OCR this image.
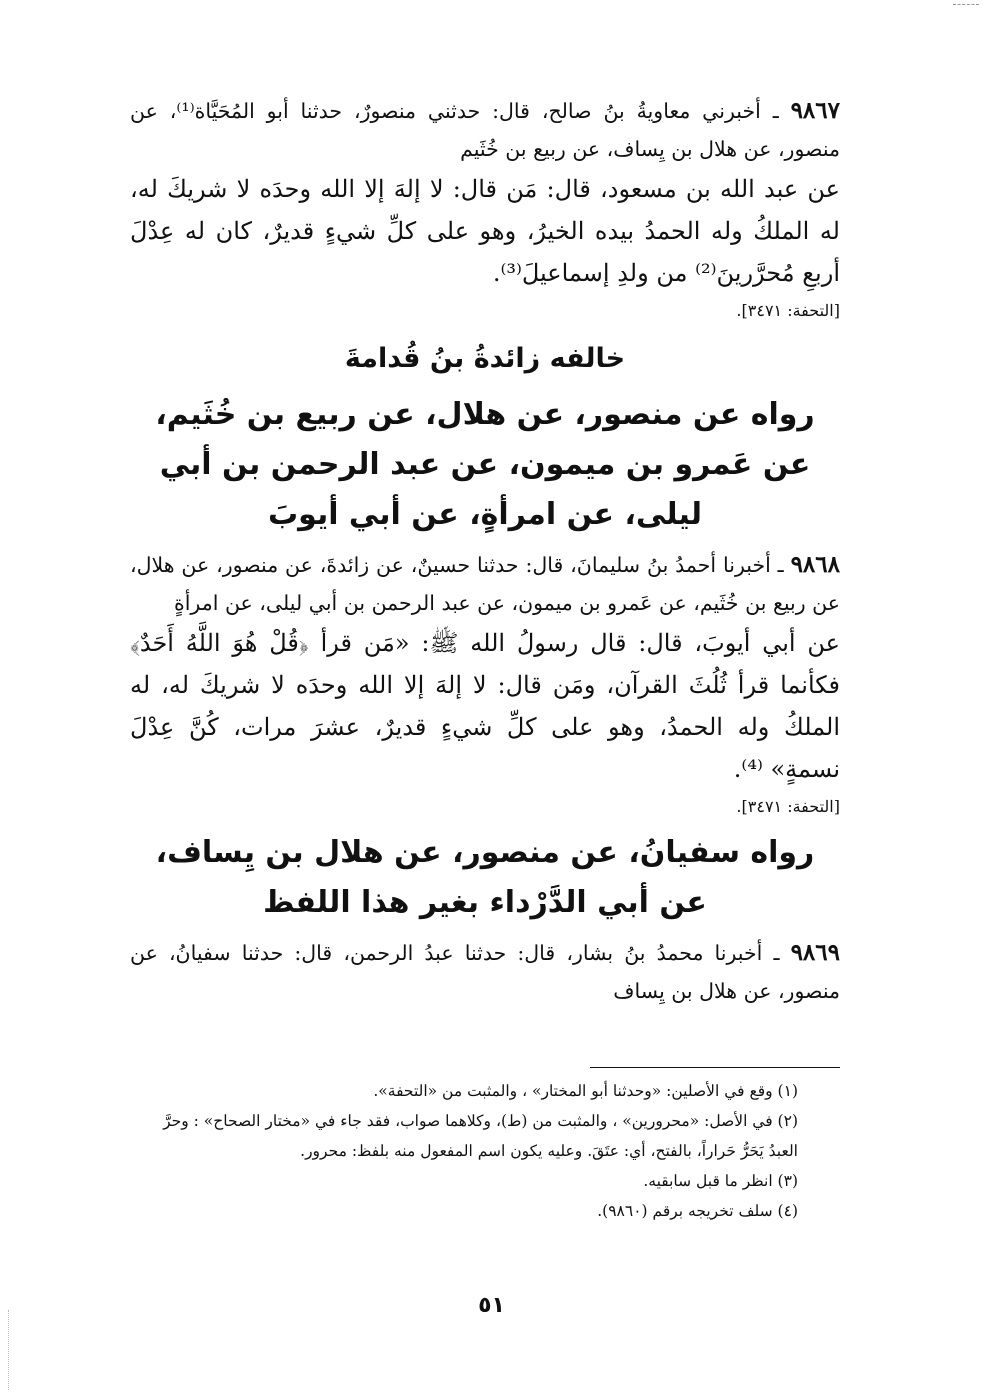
٩٨٦٧ ـ أخبرني معاويةُ بنُ صالح، قال: حدثني منصورٌ، حدثنا أبو المُحَيَّاة⁽¹⁾، عن منصور، عن هلال بن يِساف، عن ربيع بن خُثَيم

عن عبد الله بن مسعود، قال: مَن قال: لا إلهَ إلا الله وحدَه لا شريكَ له، له الملكُ وله الحمدُ بيده الخيرُ، وهو على كلِّ شيءٍ قديرٌ، كان له عِدْلَ أربعِ مُحرَّرينَ⁽²⁾ من ولدِ إسماعيلَ⁽³⁾.

[التحفة: ٣٤٧١].
خالفه زائدةُ بنُ قُدامةَ
رواه عن منصور، عن هلال، عن ربيع بن خُثَيم، عن عَمرو بن ميمون، عن عبد الرحمن بن أبي ليلى، عن امرأةٍ، عن أبي أيوبَ

٩٨٦٨ ـ أخبرنا أحمدُ بنُ سليمانَ، قال: حدثنا حسينٌ، عن زائدةَ، عن منصور، عن هلال، عن ربيع بن خُثَيم، عن عَمرو بن ميمون، عن عبد الرحمن بن أبي ليلى، عن امرأةٍ

عن أبي أيوبَ، قال: قال رسولُ الله ﷺ: «مَن قرأ ﴿قُلْ هُوَ اللَّهُ أَحَدٌ﴾ فكأنما قرأ ثُلُثَ القرآن، ومَن قال: لا إلهَ إلا الله وحدَه لا شريكَ له، له الملكُ وله الحمدُ، وهو على كلِّ شيءٍ قديرٌ، عشرَ مرات، كُنَّ عِدْلَ نسمةٍ» ⁽⁴⁾.

[التحفة: ٣٤٧١].
رواه سفيانُ، عن منصور، عن هلال بن يِساف، عن أبي الدَّرْداء بغير هذا اللفظ

٩٨٦٩ ـ أخبرنا محمدُ بنُ بشار، قال: حدثنا عبدُ الرحمن، قال: حدثنا سفيانُ، عن منصور، عن هلال بن يِساف

(١) وقع في الأصلين: «وحدثنا أبو المختار» ، والمثبت من «التحفة».

(٢) في الأصل: «محرورين» ، والمثبت من (ط)، وكلاهما صواب، فقد جاء في «مختار الصحاح» : وحرَّ العبدُ يَحَرُّ حَراراً، بالفتح، أي: عتَقَ. وعليه يكون اسم المفعول منه بلفظ: محرور.

(٣) انظر ما قبل سابقيه.

(٤) سلف تخريجه برقم (٩٨٦٠).

٥١
